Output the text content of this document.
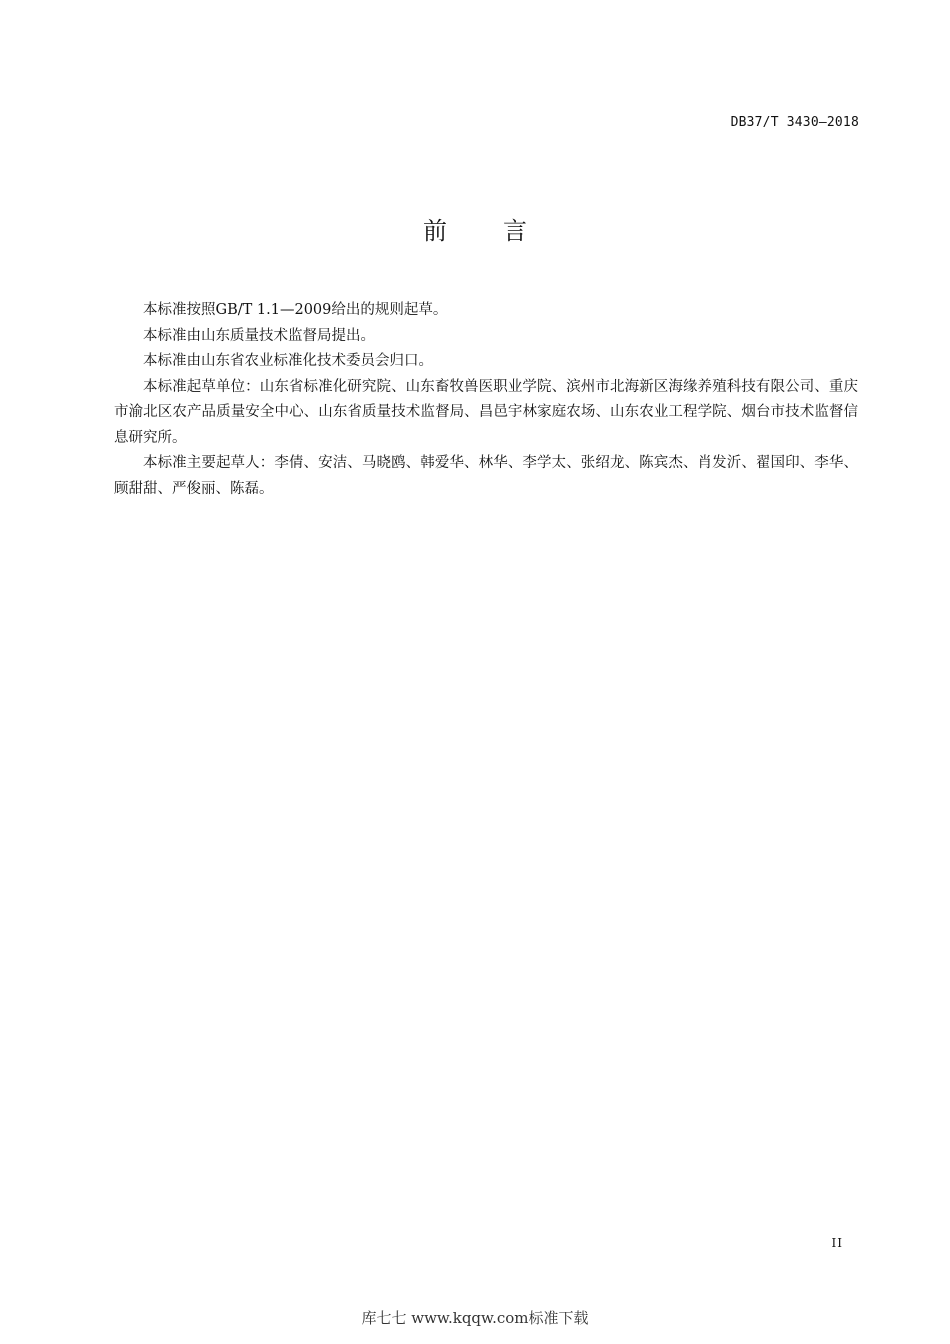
DB37/T 3430—2018
前言

本标准按照GB/T 1.1—2009给出的规则起草。

本标准由山东质量技术监督局提出。

本标准由山东省农业标准化技术委员会归口。

本标准起草单位：山东省标准化研究院、山东畜牧兽医职业学院、滨州市北海新区海缘养殖科技有限公司、重庆市渝北区农产品质量安全中心、山东省质量技术监督局、昌邑宇林家庭农场、山东农业工程学院、烟台市技术监督信息研究所。

本标准主要起草人：李倩、安洁、马晓鸥、韩爱华、林华、李学太、张绍龙、陈宾杰、肖发沂、翟国印、李华、顾甜甜、严俊丽、陈磊。

II
库七七 www.kqqw.com标准下载
